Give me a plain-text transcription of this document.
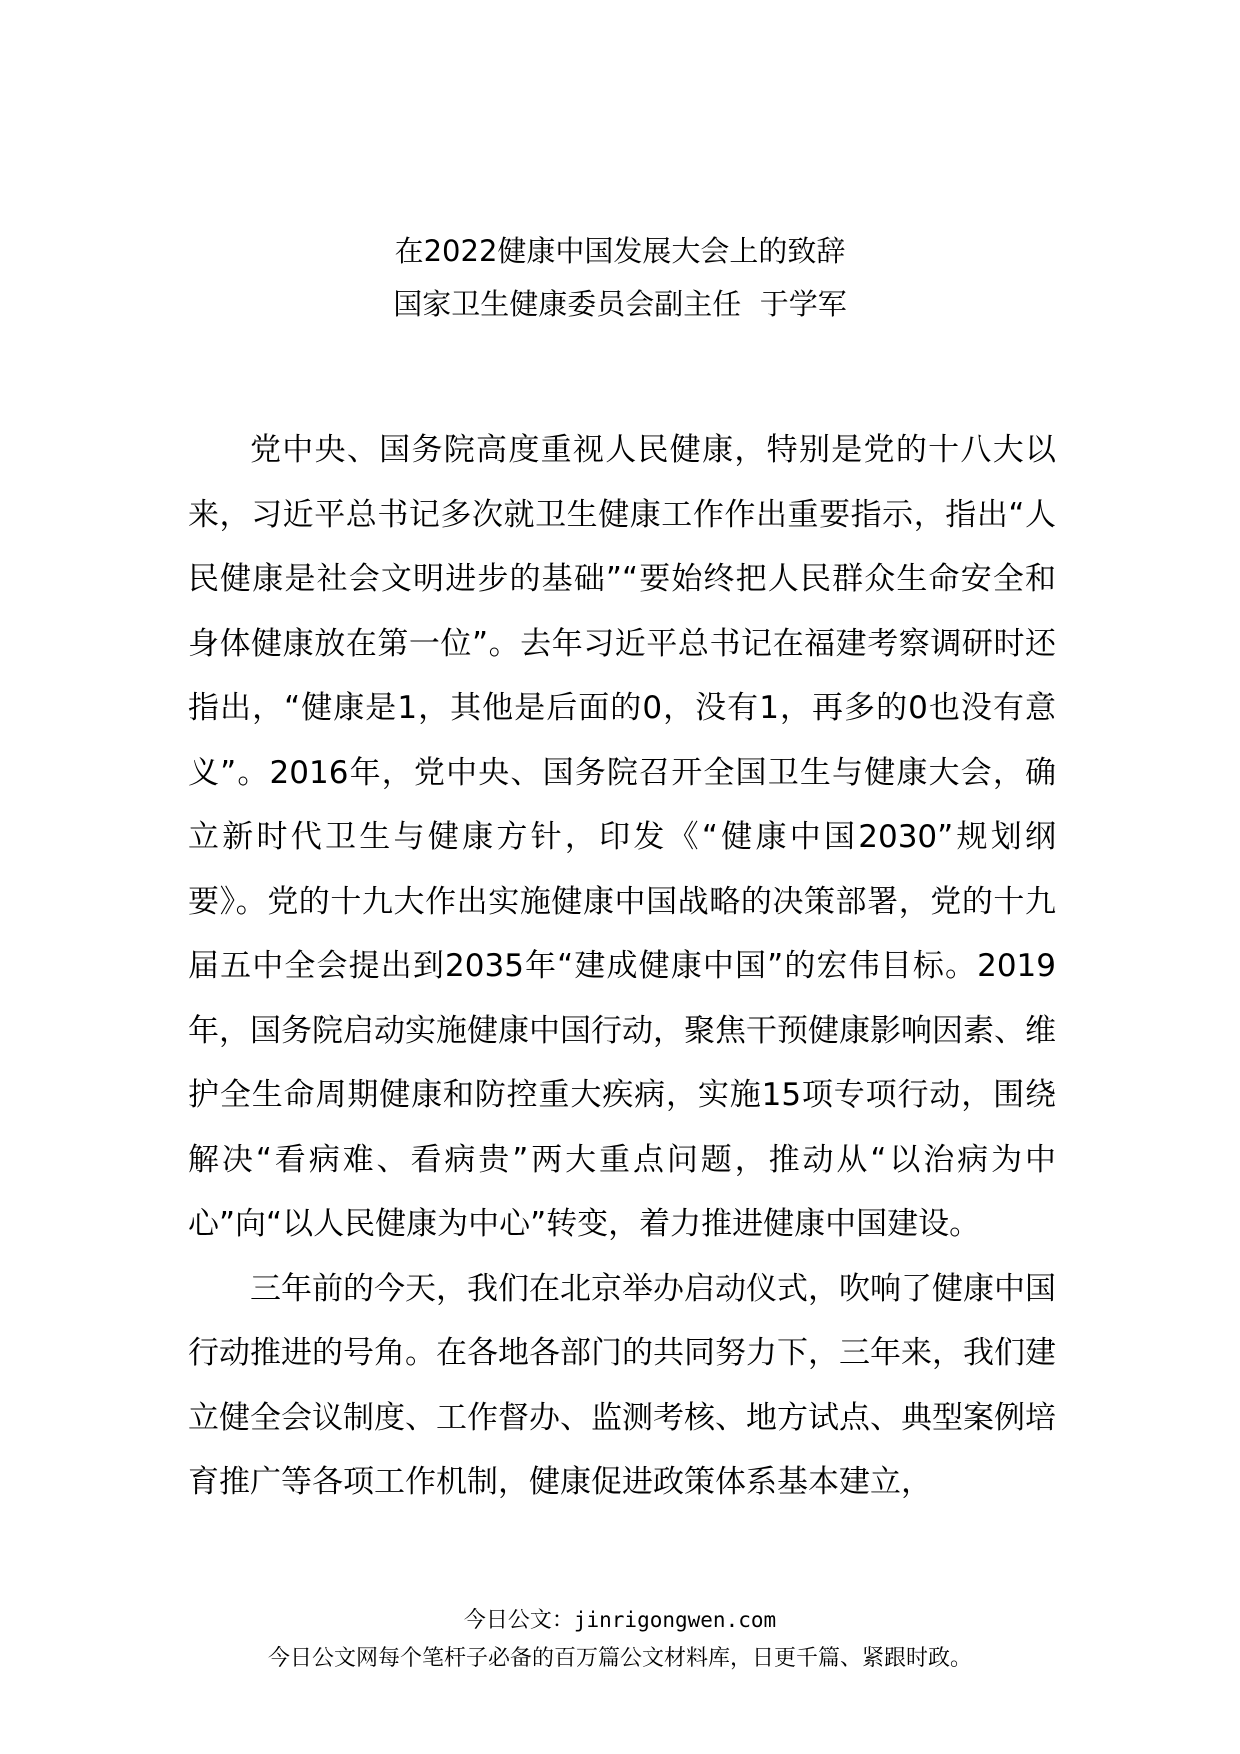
在2022健康中国发展大会上的致辞
国家卫生健康委员会副主任  于学军

党中央、国务院高度重视人民健康，特别是党的十八大以来，习近平总书记多次就卫生健康工作作出重要指示，指出“人民健康是社会文明进步的基础”“要始终把人民群众生命安全和身体健康放在第一位”。去年习近平总书记在福建考察调研时还指出，“健康是1，其他是后面的0，没有1，再多的0也没有意义”。2016年，党中央、国务院召开全国卫生与健康大会，确立新时代卫生与健康方针，印发《“健康中国2030”规划纲要》。党的十九大作出实施健康中国战略的决策部署，党的十九届五中全会提出到2035年“建成健康中国”的宏伟目标。2019年，国务院启动实施健康中国行动，聚焦干预健康影响因素、维护全生命周期健康和防控重大疾病，实施15项专项行动，围绕解决“看病难、看病贵”两大重点问题，推动从“以治病为中心”向“以人民健康为中心”转变，着力推进健康中国建设。

三年前的今天，我们在北京举办启动仪式，吹响了健康中国行动推进的号角。在各地各部门的共同努力下，三年来，我们建立健全会议制度、工作督办、监测考核、地方试点、典型案例培育推广等各项工作机制，健康促进政策体系基本建立，

今日公文：jinrigongwen.com
今日公文网每个笔杆子必备的百万篇公文材料库，日更千篇、紧跟时政。
